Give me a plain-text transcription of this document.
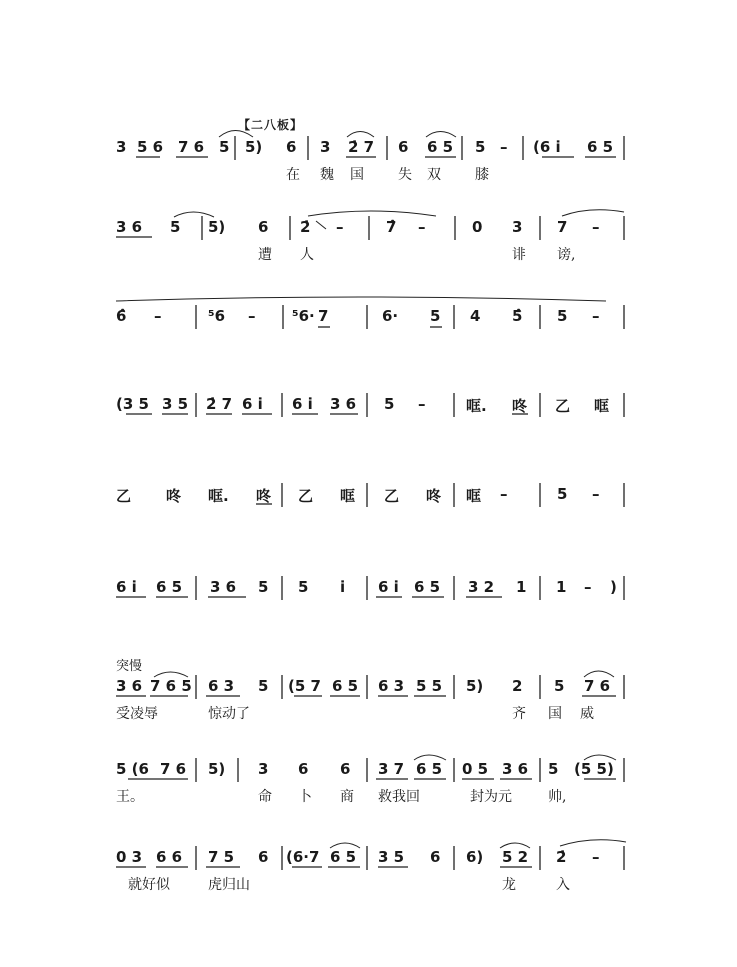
【二八板】
3 5 6 7 6 5 5) 6 3 2̇ 7 6 6 5 5 – (6 i̇ 6 5
在 魏 国 失 双 膝
3 6 5 5) 6 2̇ –	7̂ –	0 3 7 –
遭 人	诽 谤,
6̂ –	⁵6 – ⁵6· 7	6· 5 4 5̂ 5 –
(3 5 3 5 2̇ 7 6 i̇ 6 i̇ 3 6 5 –	哐. 咚 乙 哐
乙 咚 哐. 咚 乙 哐 乙 咚 哐 –	5 –
6 i̇ 6 5 3 6 5 5 i̇ 6 i̇ 6 5 3 2 1 1 – )
突慢
3 6 7 6 5 6 3 5 (5 7 6 5 6 3 5 5 5) 2 5 7 6
受凌辱	惊动了	齐 国 威
5 (6 7 6 5) 3 6 6 3 7 6 5 0 5 3 6 5 (5 5)
王。	命 卜 商 救我回	封为元	帅,
0 3 6 6 7 5 6 (6·7 6 5 3 5 6 6) 5 2 2̇ –
就好似	虎归山	龙	入
